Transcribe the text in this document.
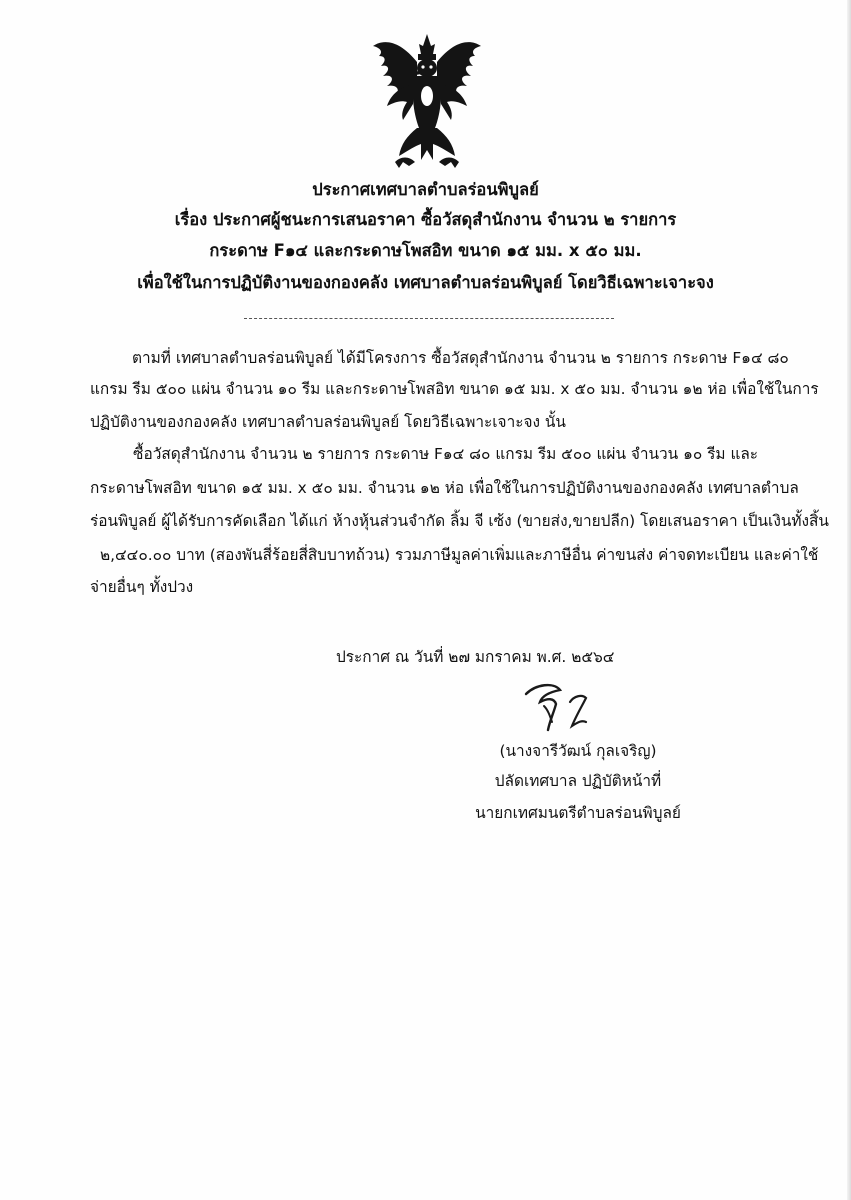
ประกาศเทศบาลตำบลร่อนพิบูลย์
เรื่อง ประกาศผู้ชนะการเสนอราคา ซื้อวัสดุสำนักงาน จำนวน ๒ รายการ
กระดาษ F๑๔ และกระดาษโพสอิท ขนาด ๑๕ มม. x ๕๐ มม.
เพื่อใช้ในการปฏิบัติงานของกองคลัง เทศบาลตำบลร่อนพิบูลย์ โดยวิธีเฉพาะเจาะจง
ตามที่ เทศบาลตำบลร่อนพิบูลย์ ได้มีโครงการ ซื้อวัสดุสำนักงาน จำนวน ๒ รายการ กระดาษ F๑๔ ๘๐
แกรม รีม ๕๐๐ แผ่น จำนวน ๑๐ รีม และกระดาษโพสอิท ขนาด ๑๕ มม. x ๕๐ มม. จำนวน ๑๒ ห่อ เพื่อใช้ในการ
ปฏิบัติงานของกองคลัง เทศบาลตำบลร่อนพิบูลย์ โดยวิธีเฉพาะเจาะจง นั้น
ซื้อวัสดุสำนักงาน จำนวน ๒ รายการ กระดาษ F๑๔ ๘๐ แกรม รีม ๕๐๐ แผ่น จำนวน ๑๐ รีม และ
กระดาษโพสอิท ขนาด ๑๕ มม. x ๕๐ มม. จำนวน ๑๒ ห่อ เพื่อใช้ในการปฏิบัติงานของกองคลัง เทศบาลตำบล
ร่อนพิบูลย์ ผู้ได้รับการคัดเลือก ได้แก่ ห้างหุ้นส่วนจำกัด ลิ้ม จี เซ้ง (ขายส่ง,ขายปลีก) โดยเสนอราคา เป็นเงินทั้งสิ้น
๒,๔๔๐.๐๐ บาท (สองพันสี่ร้อยสี่สิบบาทถ้วน) รวมภาษีมูลค่าเพิ่มและภาษีอื่น ค่าขนส่ง ค่าจดทะเบียน และค่าใช้
จ่ายอื่นๆ ทั้งปวง
ประกาศ ณ วันที่ ๒๗ มกราคม พ.ศ. ๒๕๖๔
(นางจารีวัฒน์ กุลเจริญ)
ปลัดเทศบาล ปฏิบัติหน้าที่
นายกเทศมนตรีตำบลร่อนพิบูลย์
